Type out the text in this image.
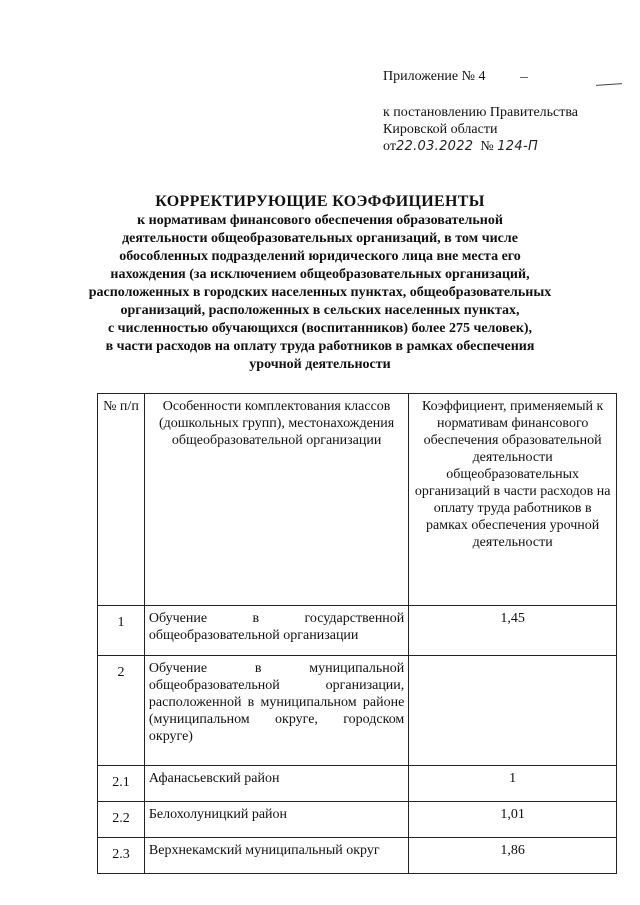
Приложение № 4
к постановлению Правительства
Кировской области
от22.03.2022 № 124-П
КОРРЕКТИРУЮЩИЕ КОЭФФИЦИЕНТЫ
к нормативам финансового обеспечения образовательной
деятельности общеобразовательных организаций, в том числе
обособленных подразделений юридического лица вне места его
нахождения (за исключением общеобразовательных организаций,
расположенных в городских населенных пунктах, общеобразовательных
организаций, расположенных в сельских населенных пунктах,
с численностью обучающихся (воспитанников) более 275 человек),
в части расходов на оплату труда работников в рамках обеспечения
урочной деятельности
№ п/п	Особенности комплектования классов (дошкольных групп), местонахождения общеобразовательной организации	Коэффициент, применяемый к нормативам финансового обеспечения образовательной деятельности общеобразовательных организаций в части расходов на оплату труда работников в рамках обеспечения урочной деятельности
1	Обучение в государственной общеобразовательной организации	1,45
2	Обучение в муниципальной общеобразовательной организации, расположенной в муниципальном районе (муниципальном округе, городском округе)	
2.1	Афанасьевский район	1
2.2	Белохолуницкий район	1,01
2.3	Верхнекамский муниципальный округ	1,86
